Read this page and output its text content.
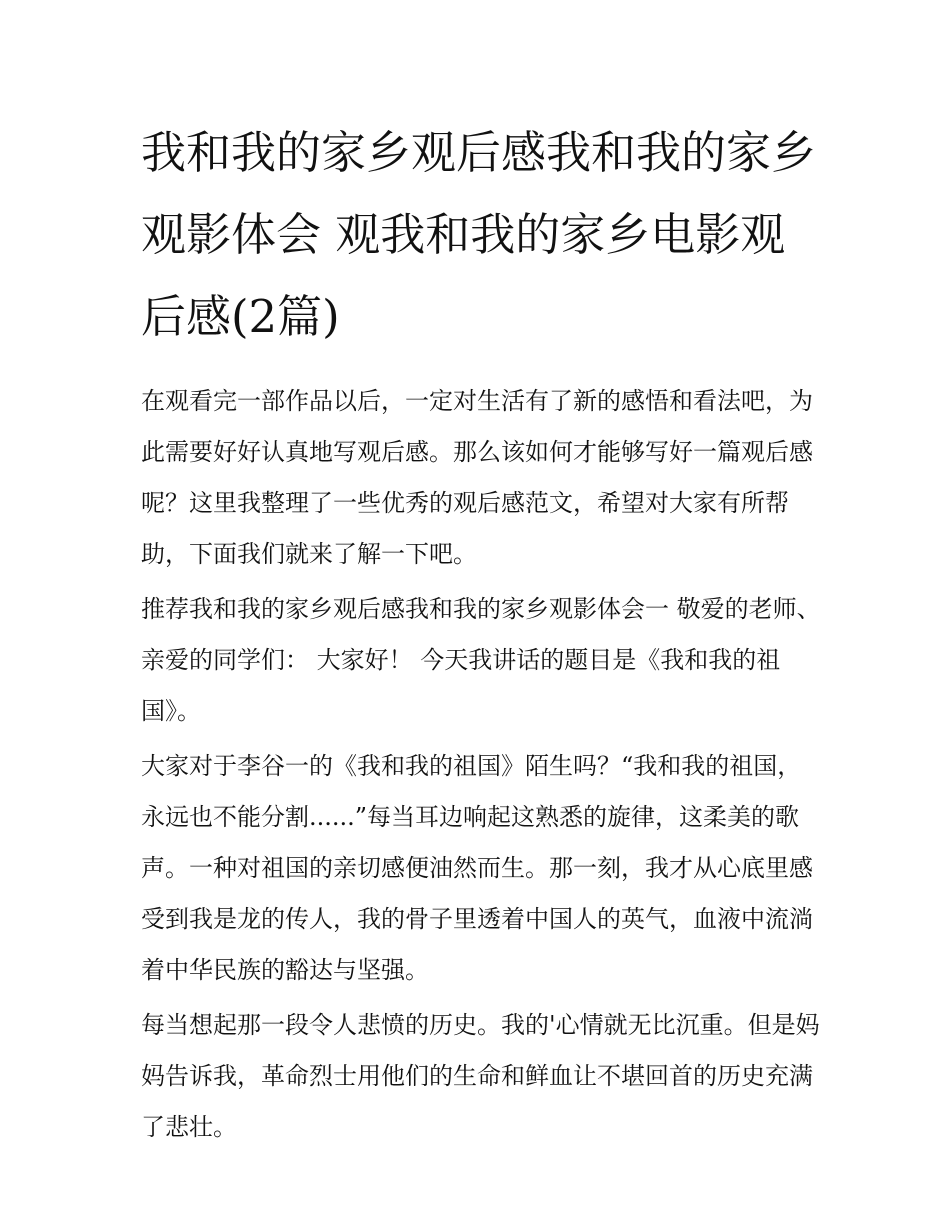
我和我的家乡观后感我和我的家乡观影体会 观我和我的家乡电影观后感(2篇)

在观看完一部作品以后，一定对生活有了新的感悟和看法吧，为此需要好好认真地写观后感。那么该如何才能够写好一篇观后感呢？这里我整理了一些优秀的观后感范文，希望对大家有所帮助，下面我们就来了解一下吧。

推荐我和我的家乡观后感我和我的家乡观影体会一 敬爱的老师、亲爱的同学们： 大家好！ 今天我讲话的题目是《我和我的祖国》。

大家对于李谷一的《我和我的祖国》陌生吗？“我和我的祖国，永远也不能分割......”每当耳边响起这熟悉的旋律，这柔美的歌声。一种对祖国的亲切感便油然而生。那一刻，我才从心底里感受到我是龙的传人，我的骨子里透着中国人的英气，血液中流淌着中华民族的豁达与坚强。

每当想起那一段令人悲愤的历史。我的'心情就无比沉重。但是妈妈告诉我，革命烈士用他们的生命和鲜血让不堪回首的历史充满了悲壮。
